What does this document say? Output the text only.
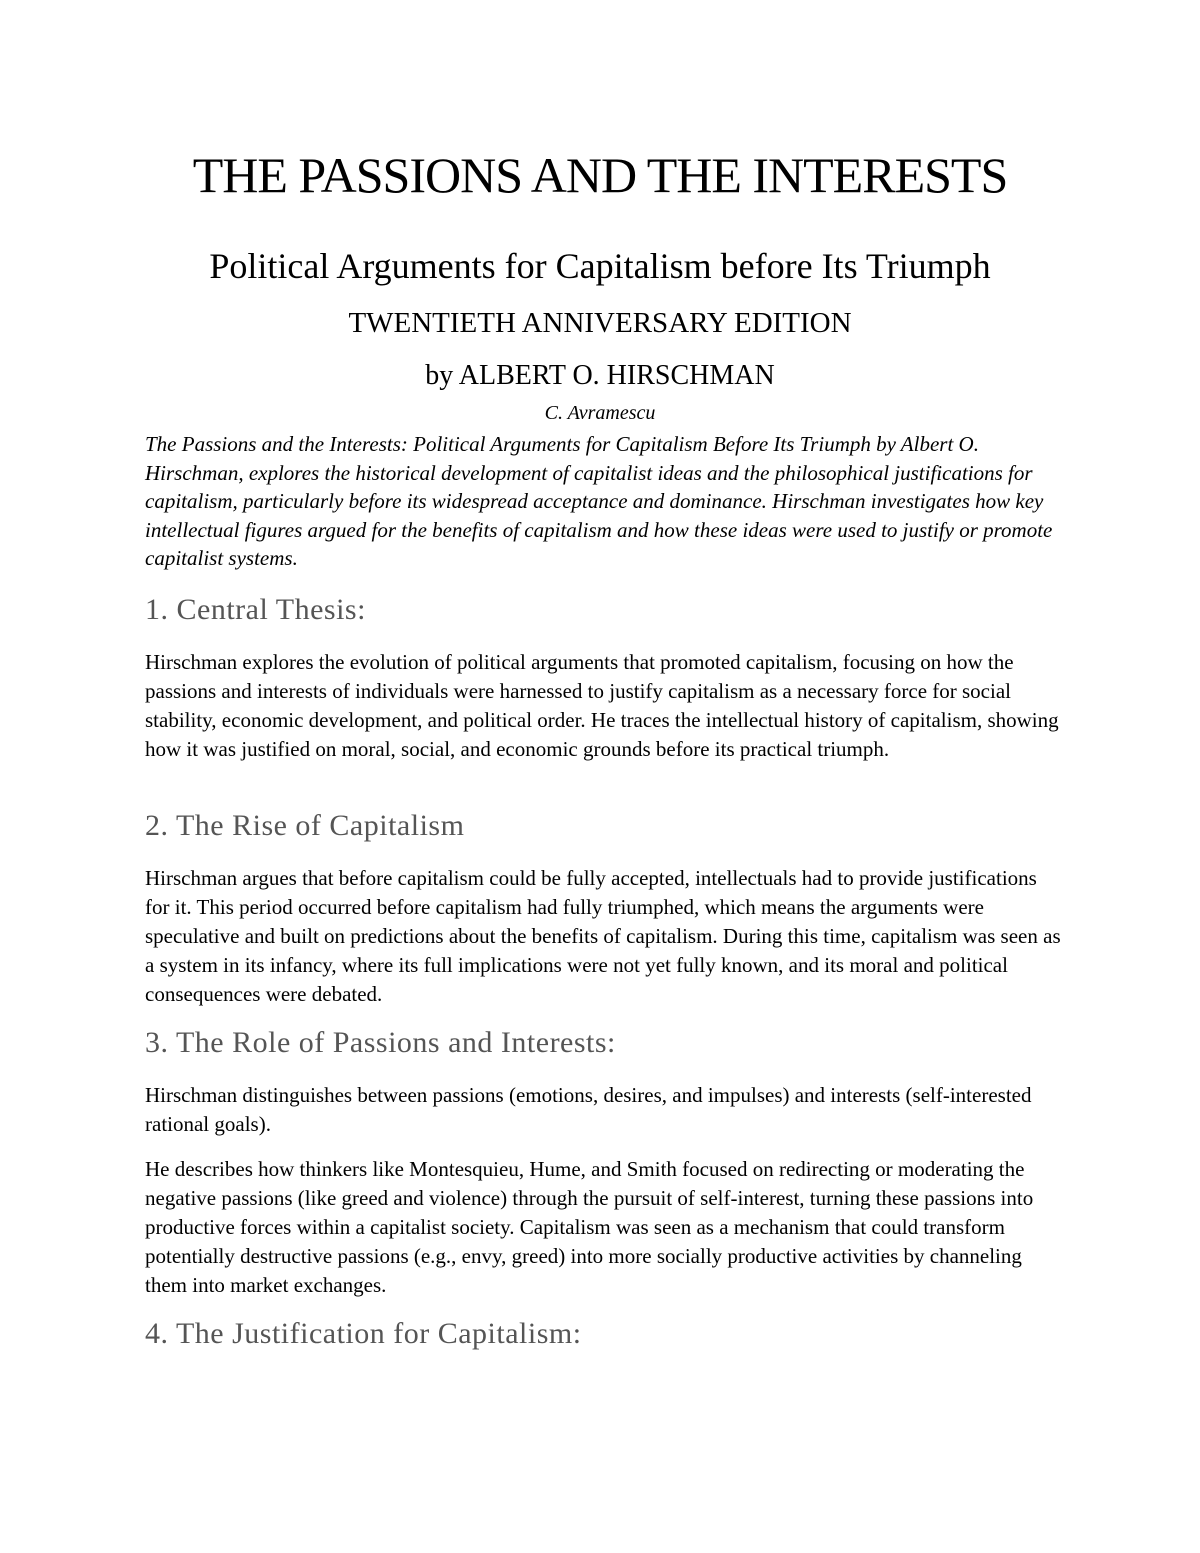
THE PASSIONS AND THE INTERESTS
Political Arguments for Capitalism before Its Triumph
TWENTIETH ANNIVERSARY EDITION

by ALBERT O. HIRSCHMAN

C. Avramescu

The Passions and the Interests: Political Arguments for Capitalism Before Its Triumph by Albert O. Hirschman, explores the historical development of capitalist ideas and the philosophical justifications for capitalism, particularly before its widespread acceptance and dominance. Hirschman investigates how key intellectual figures argued for the benefits of capitalism and how these ideas were used to justify or promote capitalist systems.

1. Central Thesis:

Hirschman explores the evolution of political arguments that promoted capitalism, focusing on how the passions and interests of individuals were harnessed to justify capitalism as a necessary force for social stability, economic development, and political order. He traces the intellectual history of capitalism, showing how it was justified on moral, social, and economic grounds before its practical triumph.

2. The Rise of Capitalism

Hirschman argues that before capitalism could be fully accepted, intellectuals had to provide justifications for it. This period occurred before capitalism had fully triumphed, which means the arguments were speculative and built on predictions about the benefits of capitalism. During this time, capitalism was seen as a system in its infancy, where its full implications were not yet fully known, and its moral and political consequences were debated.

3. The Role of Passions and Interests:

Hirschman distinguishes between passions (emotions, desires, and impulses) and interests (self-interested rational goals).

He describes how thinkers like Montesquieu, Hume, and Smith focused on redirecting or moderating the negative passions (like greed and violence) through the pursuit of self-interest, turning these passions into productive forces within a capitalist society. Capitalism was seen as a mechanism that could transform potentially destructive passions (e.g., envy, greed) into more socially productive activities by channeling them into market exchanges.

4. The Justification for Capitalism:
